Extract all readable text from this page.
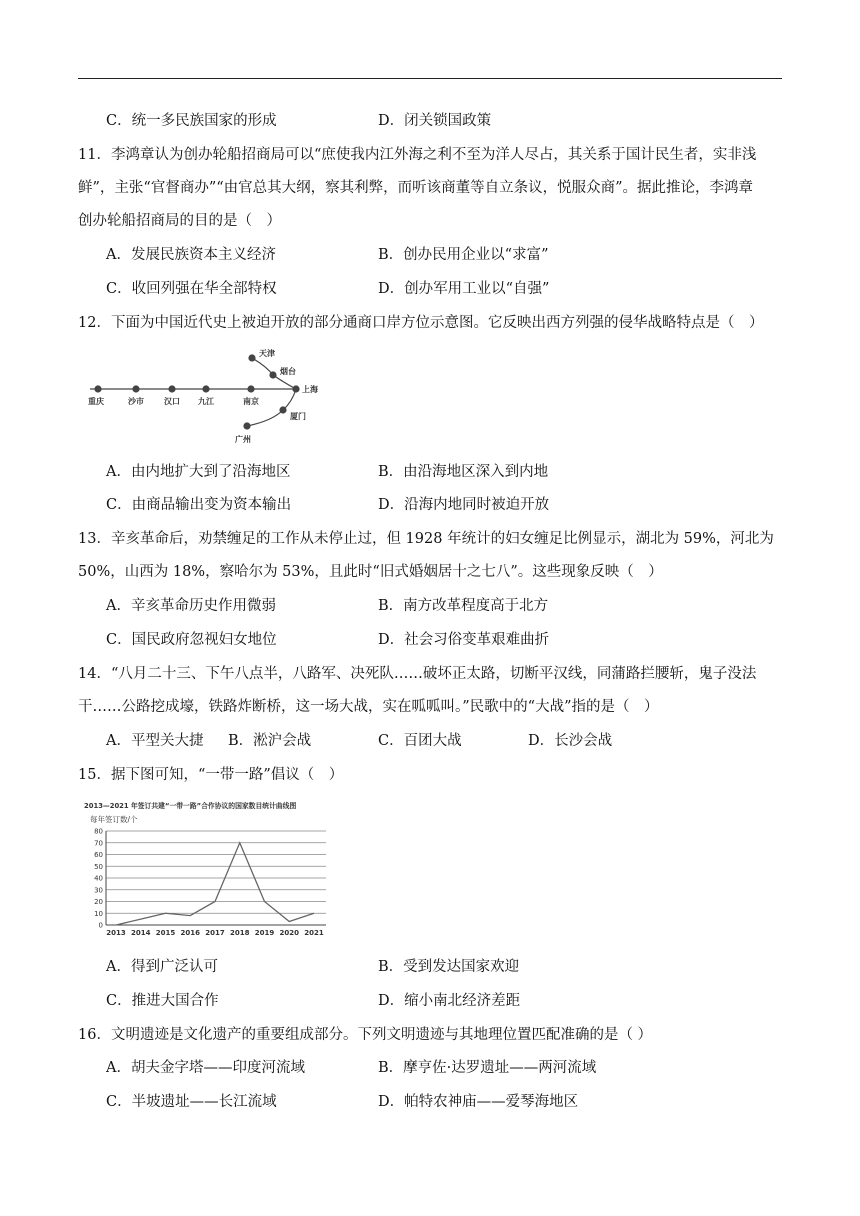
C．统一多民族国家的形成	D．闭关锁国政策
11．李鸿章认为创办轮船招商局可以“庶使我内江外海之利不至为洋人尽占，其关系于国计民生者，实非浅
鲜”，主张“官督商办”“由官总其大纲，察其利弊，而听该商董等自立条议，悦服众商”。据此推论，李鸿章
创办轮船招商局的目的是（　）
A．发展民族资本主义经济	B．创办民用企业以“求富”
C．收回列强在华全部特权	D．创办军用工业以“自强”
12．下面为中国近代史上被迫开放的部分通商口岸方位示意图。它反映出西方列强的侵华战略特点是（　）
重庆	沙市	汉口 九江	南京
上海
天津
烟台
厦门
广州
A．由内地扩大到了沿海地区	B．由沿海地区深入到内地
C．由商品输出变为资本输出	D．沿海内地同时被迫开放
13．辛亥革命后，劝禁缠足的工作从未停止过，但 1928 年统计的妇女缠足比例显示，湖北为 59%，河北为
50%，山西为 18%，察哈尔为 53%，且此时“旧式婚姻居十之七八”。这些现象反映（　）
A．辛亥革命历史作用微弱	B．南方改革程度高于北方
C．国民政府忽视妇女地位	D．社会习俗变革艰难曲折
14．“八月二十三、下午八点半，八路军、决死队……破坏正太路，切断平汉线，同蒲路拦腰斩，鬼子没法
干……公路挖成壕，铁路炸断桥，这一场大战，实在呱呱叫。”民歌中的“大战”指的是（　）
A．平型关大捷 B．淞沪会战	C．百团大战	D．长沙会战
15．据下图可知，“一带一路”倡议（　）
2013—2021 年签订共建“一带一路”合作协议的国家数目统计曲线图
每年签订数/个
0
10
20
30
40
50
60
70
80
2013 2014 2015 2016 2017 2018 2019 2020 2021
A．得到广泛认可	B．受到发达国家欢迎
C．推进大国合作	D．缩小南北经济差距
16．文明遗迹是文化遗产的重要组成部分。下列文明遗迹与其地理位置匹配准确的是（ ）
A．胡夫金字塔——印度河流域	B．摩亨佐·达罗遗址——两河流域
C．半坡遗址——长江流域	D．帕特农神庙——爱琴海地区
